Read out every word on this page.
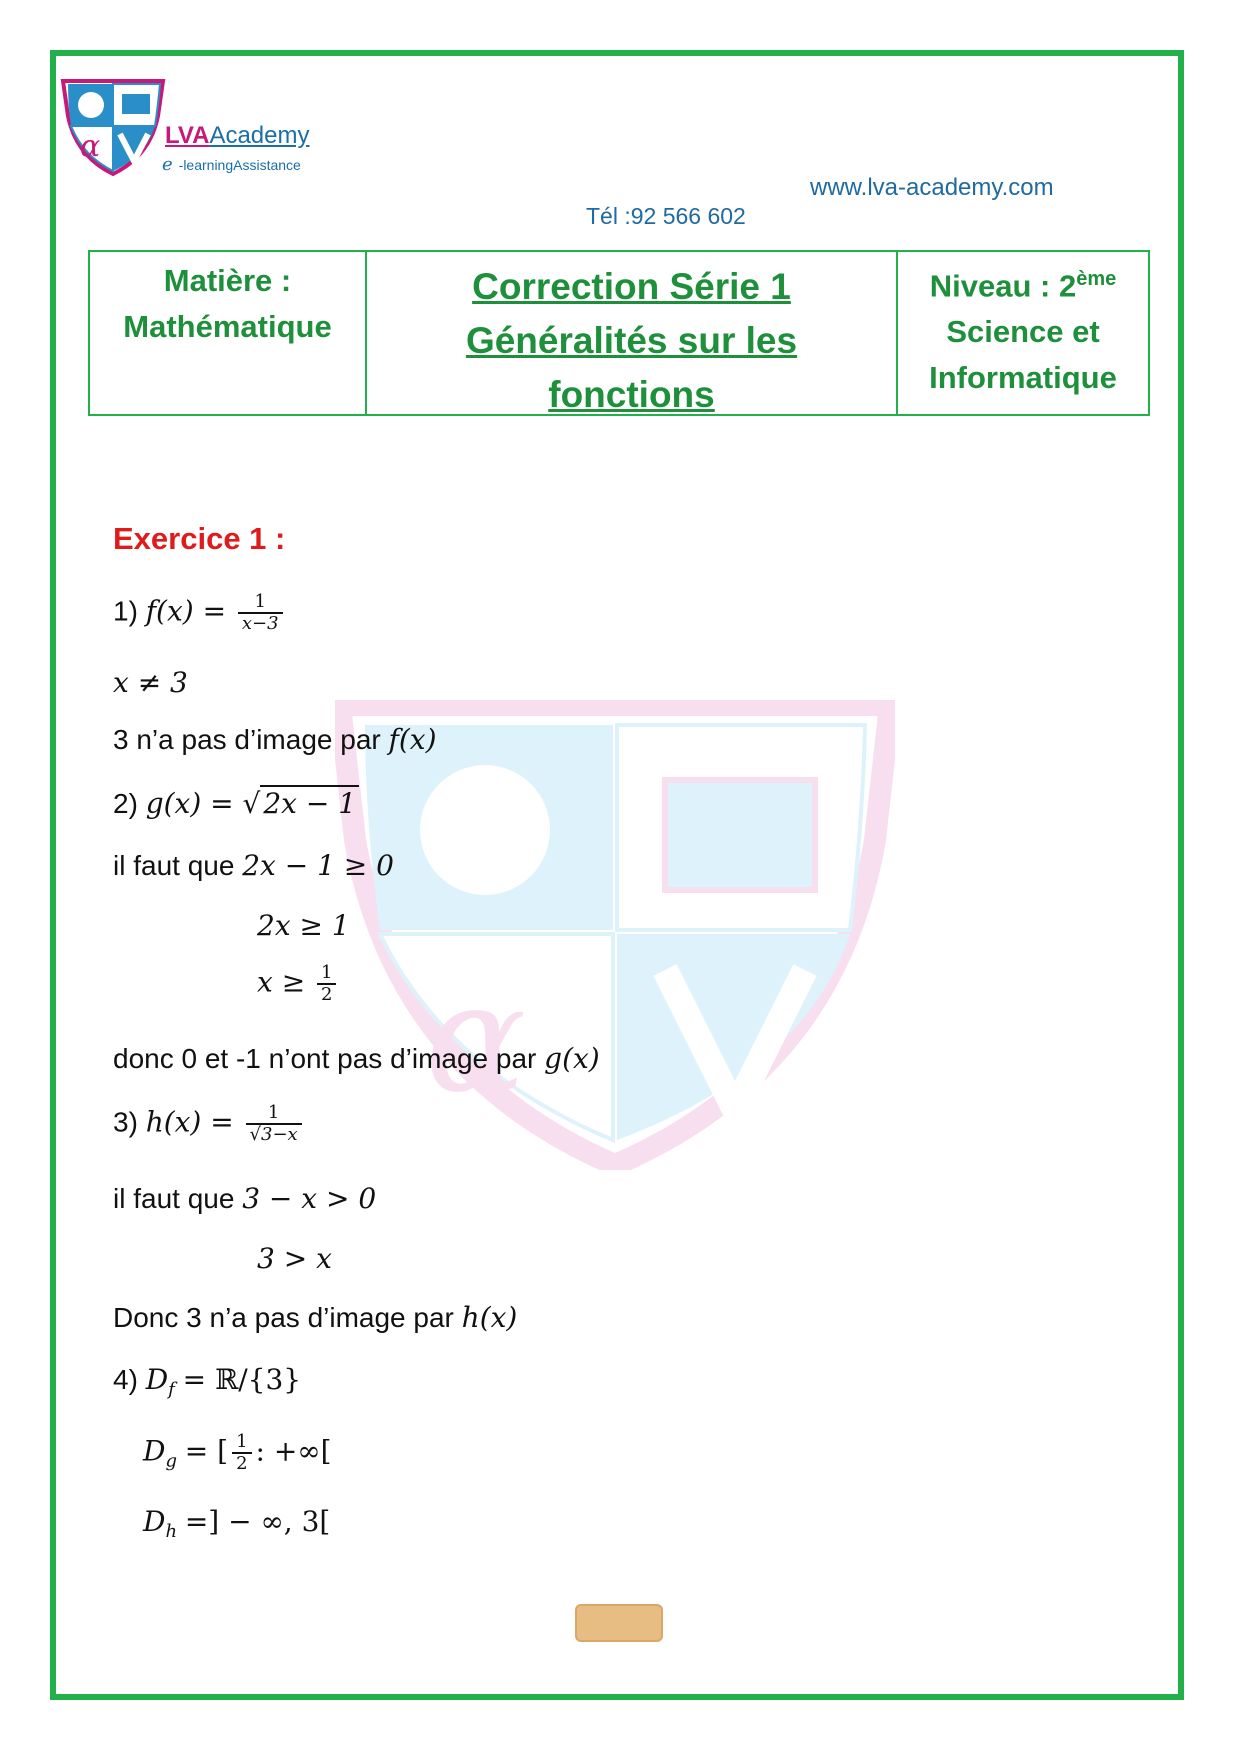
α	LVAAcademy
e -learningAssistance
www.lva-academy.com
Tél :92 566 602
Matière :
Mathématique
Correction Série 1
Généralités sur les
fonctions
Niveau : 2ème
Science et
Informatique
α
Exercice 1 :
1) $f(x) = \frac{1}{x-3}$
x ≠ 3
3 n’a pas d’image par f(x)
2) g(x) = √ 2x − 1
il faut que 2x − 1 ≥ 0
2x ≥ 1
$x \ge \frac{1}{2}$
donc 0 et -1 n’ont pas d’image par g(x)
3) $h(x) = \frac{1}{√3-x}$
il faut que 3 − x > 0
3 > x
Donc 3 n’a pas d’image par h(x)
4) $D_f$ = ℝ/{3}
$D_g$ = [ $\frac{1}{2}$ : +∞[
$D_h$ =] − ∞, 3[
